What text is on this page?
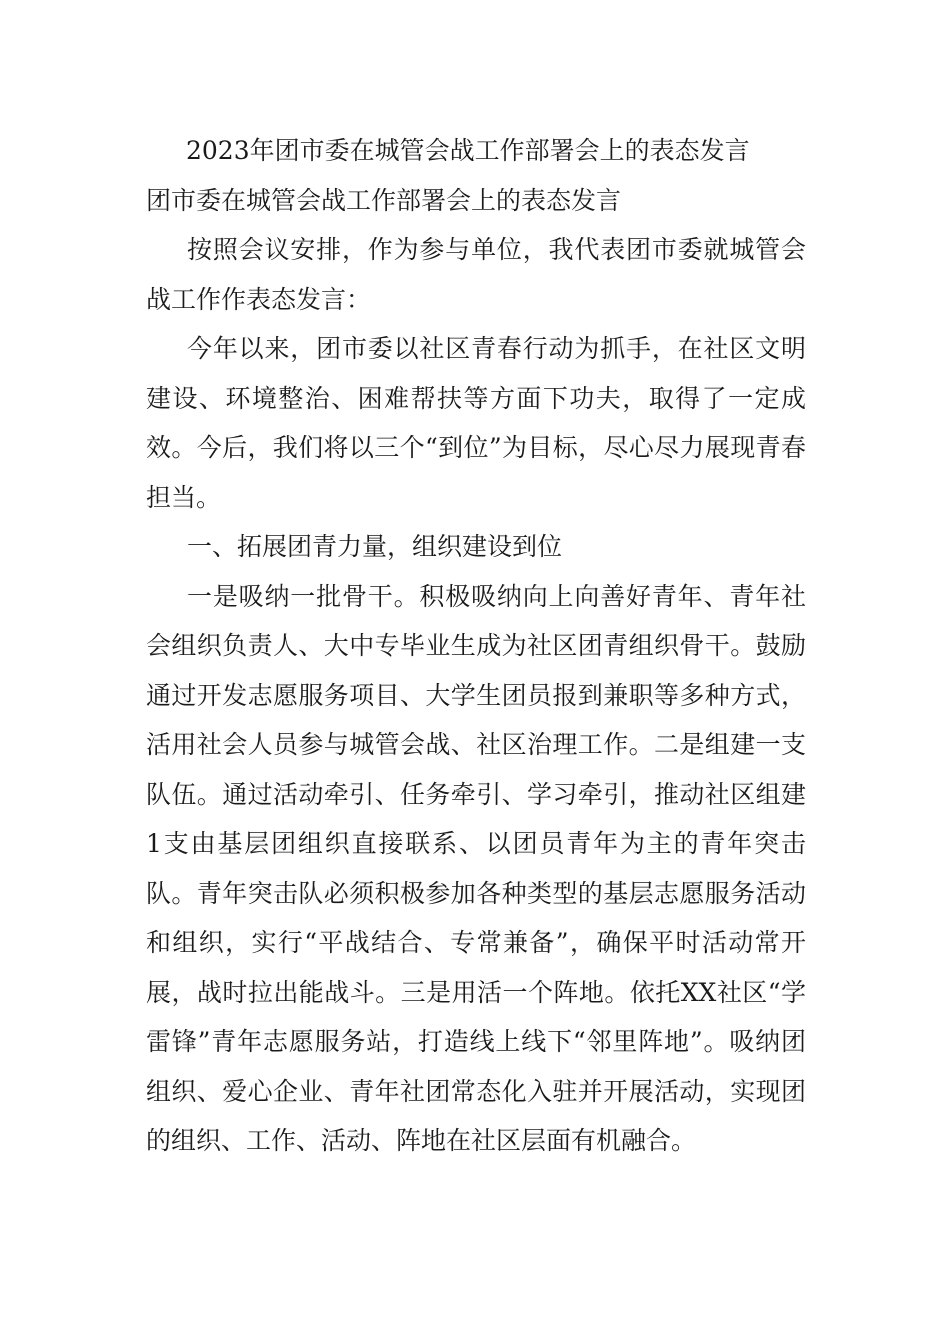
2023年团市委在城管会战工作部署会上的表态发言
团市委在城管会战工作部署会上的表态发言

按照会议安排，作为参与单位，我代表团市委就城管会战工作作表态发言：

今年以来，团市委以社区青春行动为抓手，在社区文明建设、环境整治、困难帮扶等方面下功夫，取得了一定成效。今后，我们将以三个“到位”为目标，尽心尽力展现青春担当。

一、拓展团青力量，组织建设到位

一是吸纳一批骨干。积极吸纳向上向善好青年、青年社会组织负责人、大中专毕业生成为社区团青组织骨干。鼓励通过开发志愿服务项目、大学生团员报到兼职等多种方式，活用社会人员参与城管会战、社区治理工作。二是组建一支队伍。通过活动牵引、任务牵引、学习牵引，推动社区组建1支由基层团组织直接联系、以团员青年为主的青年突击队。青年突击队必须积极参加各种类型的基层志愿服务活动和组织，实行“平战结合、专常兼备”，确保平时活动常开展，战时拉出能战斗。三是用活一个阵地。依托XX社区“学雷锋”青年志愿服务站，打造线上线下“邻里阵地”。吸纳团组织、爱心企业、青年社团常态化入驻并开展活动，实现团的组织、工作、活动、阵地在社区层面有机融合。
